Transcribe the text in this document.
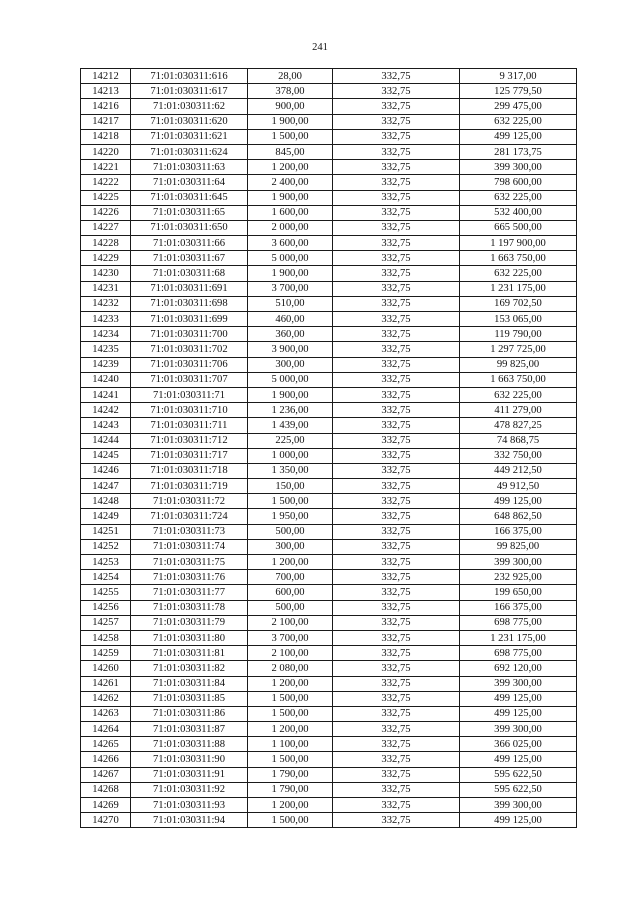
241
14212	71:01:030311:616	28,00	332,75	9 317,00
14213	71:01:030311:617	378,00	332,75	125 779,50
14216	71:01:030311:62	900,00	332,75	299 475,00
14217	71:01:030311:620	1 900,00	332,75	632 225,00
14218	71:01:030311:621	1 500,00	332,75	499 125,00
14220	71:01:030311:624	845,00	332,75	281 173,75
14221	71:01:030311:63	1 200,00	332,75	399 300,00
14222	71:01:030311:64	2 400,00	332,75	798 600,00
14225	71:01:030311:645	1 900,00	332,75	632 225,00
14226	71:01:030311:65	1 600,00	332,75	532 400,00
14227	71:01:030311:650	2 000,00	332,75	665 500,00
14228	71:01:030311:66	3 600,00	332,75	1 197 900,00
14229	71:01:030311:67	5 000,00	332,75	1 663 750,00
14230	71:01:030311:68	1 900,00	332,75	632 225,00
14231	71:01:030311:691	3 700,00	332,75	1 231 175,00
14232	71:01:030311:698	510,00	332,75	169 702,50
14233	71:01:030311:699	460,00	332,75	153 065,00
14234	71:01:030311:700	360,00	332,75	119 790,00
14235	71:01:030311:702	3 900,00	332,75	1 297 725,00
14239	71:01:030311:706	300,00	332,75	99 825,00
14240	71:01:030311:707	5 000,00	332,75	1 663 750,00
14241	71:01:030311:71	1 900,00	332,75	632 225,00
14242	71:01:030311:710	1 236,00	332,75	411 279,00
14243	71:01:030311:711	1 439,00	332,75	478 827,25
14244	71:01:030311:712	225,00	332,75	74 868,75
14245	71:01:030311:717	1 000,00	332,75	332 750,00
14246	71:01:030311:718	1 350,00	332,75	449 212,50
14247	71:01:030311:719	150,00	332,75	49 912,50
14248	71:01:030311:72	1 500,00	332,75	499 125,00
14249	71:01:030311:724	1 950,00	332,75	648 862,50
14251	71:01:030311:73	500,00	332,75	166 375,00
14252	71:01:030311:74	300,00	332,75	99 825,00
14253	71:01:030311:75	1 200,00	332,75	399 300,00
14254	71:01:030311:76	700,00	332,75	232 925,00
14255	71:01:030311:77	600,00	332,75	199 650,00
14256	71:01:030311:78	500,00	332,75	166 375,00
14257	71:01:030311:79	2 100,00	332,75	698 775,00
14258	71:01:030311:80	3 700,00	332,75	1 231 175,00
14259	71:01:030311:81	2 100,00	332,75	698 775,00
14260	71:01:030311:82	2 080,00	332,75	692 120,00
14261	71:01:030311:84	1 200,00	332,75	399 300,00
14262	71:01:030311:85	1 500,00	332,75	499 125,00
14263	71:01:030311:86	1 500,00	332,75	499 125,00
14264	71:01:030311:87	1 200,00	332,75	399 300,00
14265	71:01:030311:88	1 100,00	332,75	366 025,00
14266	71:01:030311:90	1 500,00	332,75	499 125,00
14267	71:01:030311:91	1 790,00	332,75	595 622,50
14268	71:01:030311:92	1 790,00	332,75	595 622,50
14269	71:01:030311:93	1 200,00	332,75	399 300,00
14270	71:01:030311:94	1 500,00	332,75	499 125,00
